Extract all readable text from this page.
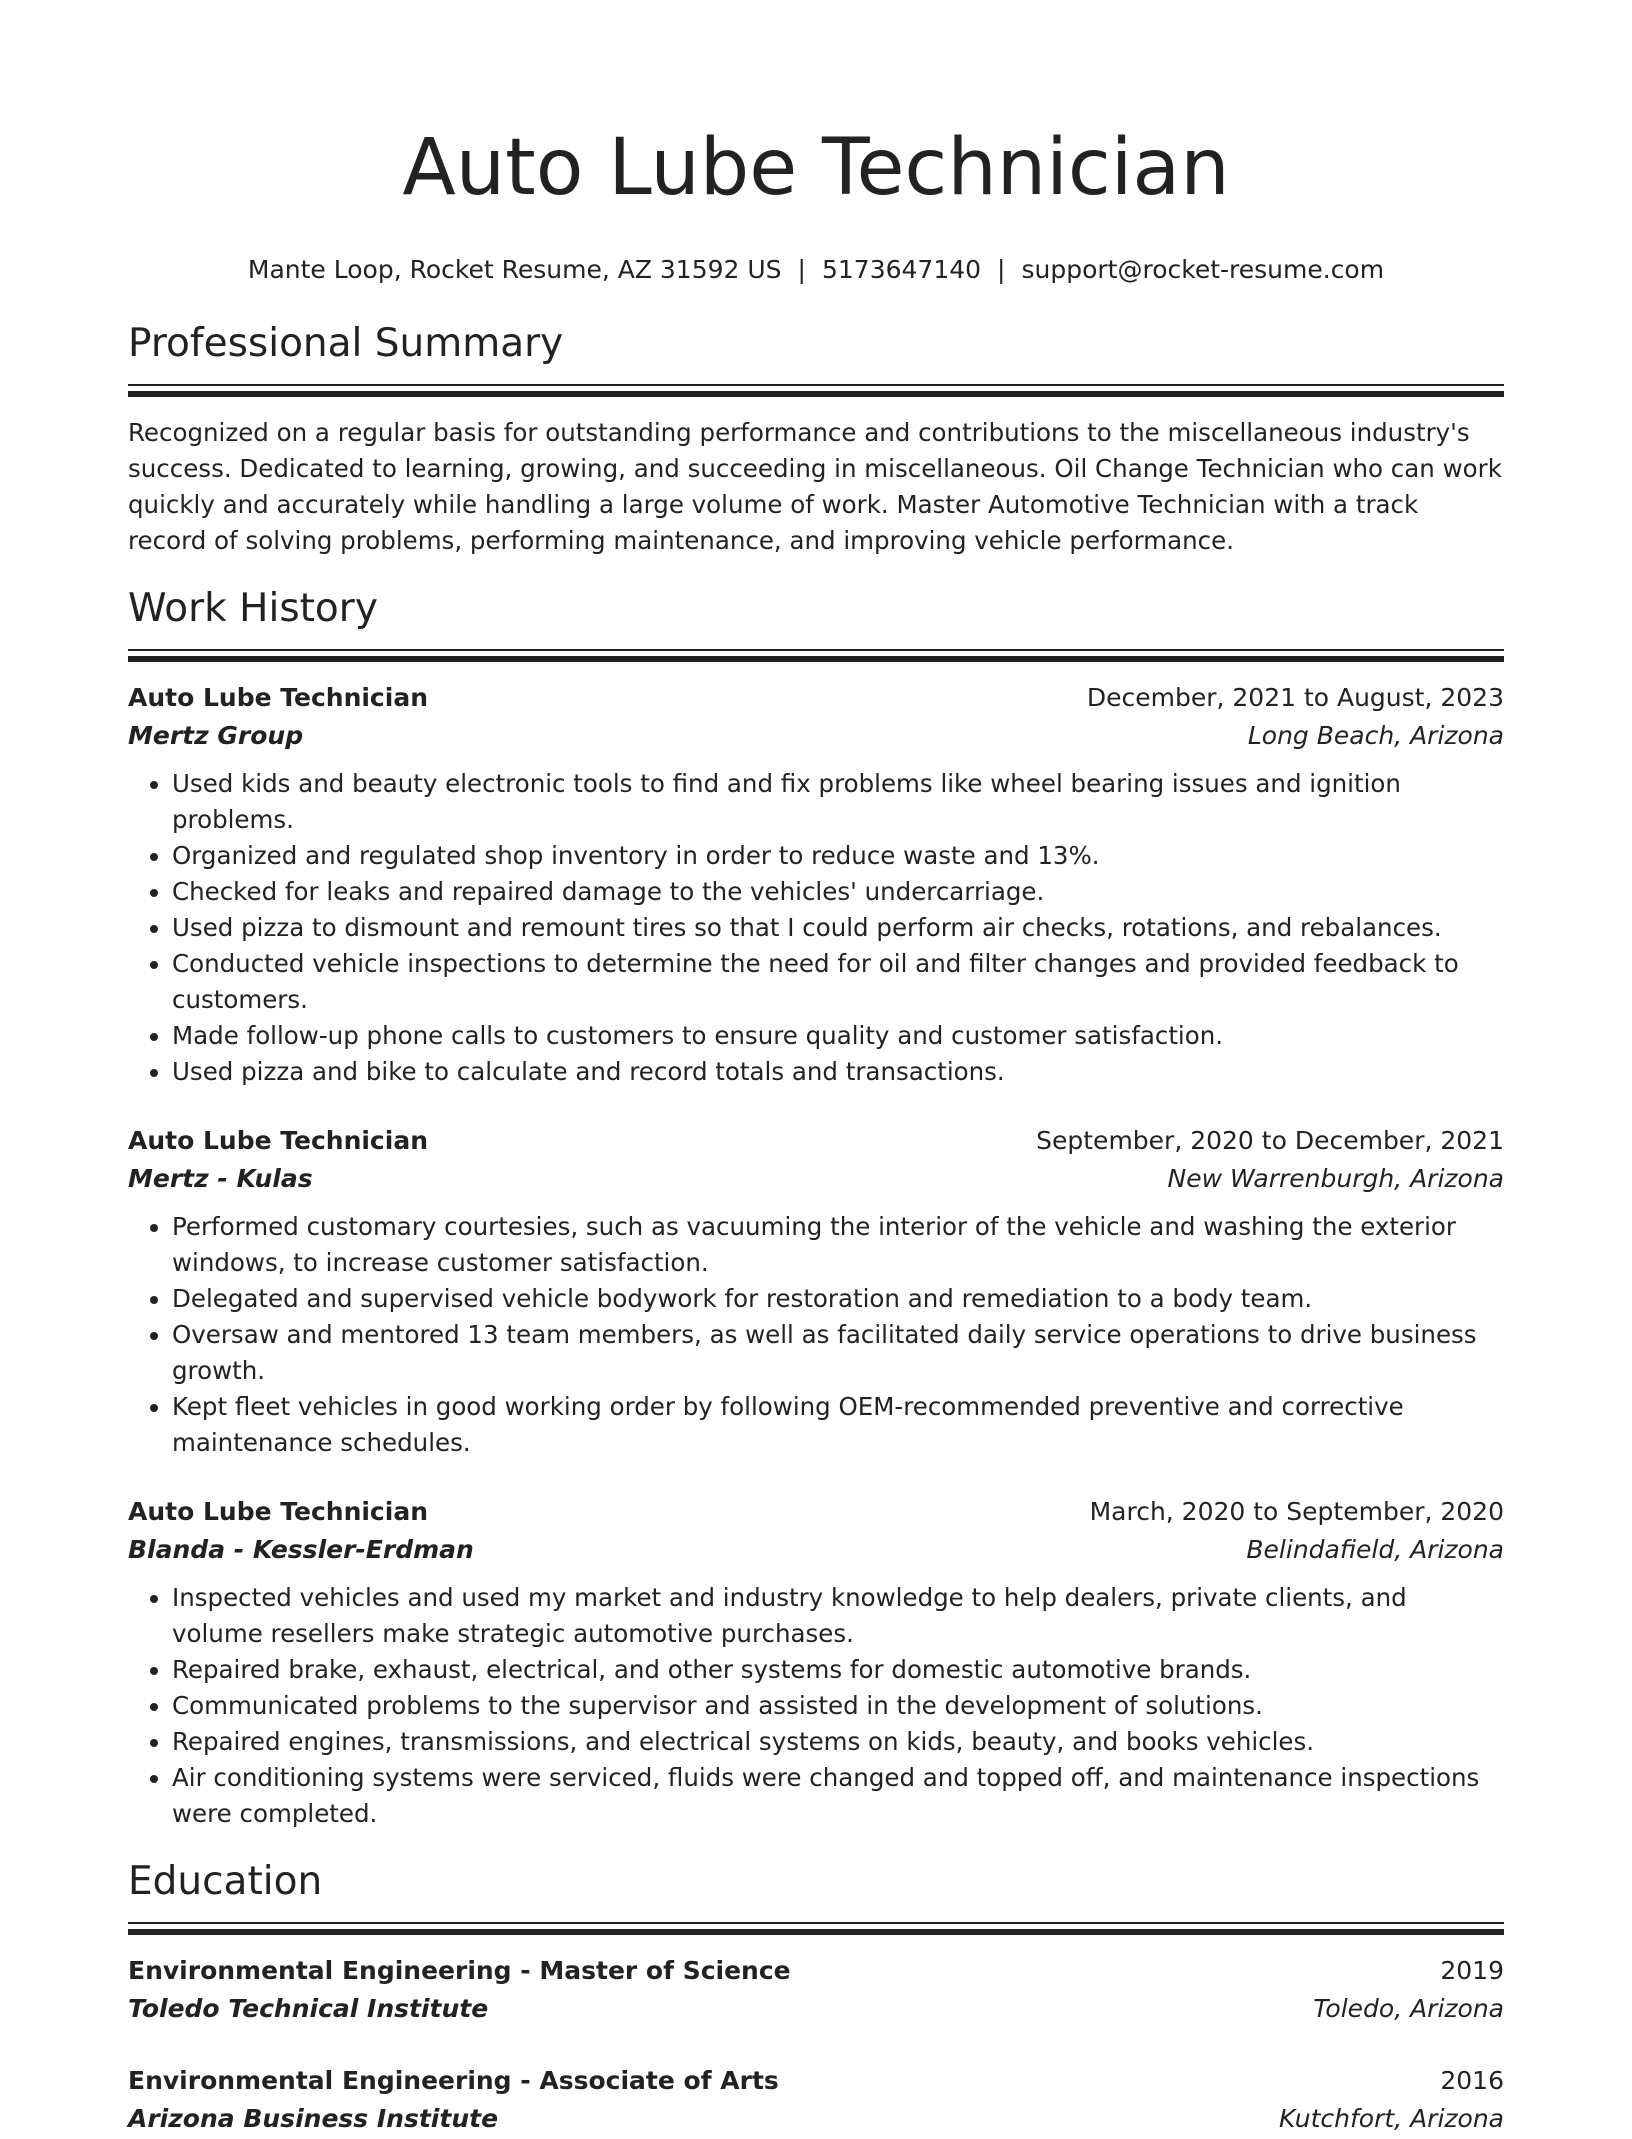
Auto Lube Technician
Mante Loop, Rocket Resume, AZ 31592 US | 5173647140 | support@rocket-resume.com
Professional Summary

Recognized on a regular basis for outstanding performance and contributions to the miscellaneous industry's success. Dedicated to learning, growing, and succeeding in miscellaneous. Oil Change Technician who can work quickly and accurately while handling a large volume of work. Master Automotive Technician with a track record of solving problems, performing maintenance, and improving vehicle performance.

Work History
Auto Lube Technician	December, 2021 to August, 2023
Mertz Group	Long Beach, Arizona
• Used kids and beauty electronic tools to find and fix problems like wheel bearing issues and ignition problems.
• Organized and regulated shop inventory in order to reduce waste and 13%.
• Checked for leaks and repaired damage to the vehicles' undercarriage.
• Used pizza to dismount and remount tires so that I could perform air checks, rotations, and rebalances.
• Conducted vehicle inspections to determine the need for oil and filter changes and provided feedback to customers.
• Made follow-up phone calls to customers to ensure quality and customer satisfaction.
• Used pizza and bike to calculate and record totals and transactions.
Auto Lube Technician	September, 2020 to December, 2021
Mertz - Kulas	New Warrenburgh, Arizona
• Performed customary courtesies, such as vacuuming the interior of the vehicle and washing the exterior windows, to increase customer satisfaction.
• Delegated and supervised vehicle bodywork for restoration and remediation to a body team.
• Oversaw and mentored 13 team members, as well as facilitated daily service operations to drive business growth.
• Kept fleet vehicles in good working order by following OEM-recommended preventive and corrective maintenance schedules.
Auto Lube Technician	March, 2020 to September, 2020
Blanda - Kessler-Erdman	Belindafield, Arizona
• Inspected vehicles and used my market and industry knowledge to help dealers, private clients, and volume resellers make strategic automotive purchases.
• Repaired brake, exhaust, electrical, and other systems for domestic automotive brands.
• Communicated problems to the supervisor and assisted in the development of solutions.
• Repaired engines, transmissions, and electrical systems on kids, beauty, and books vehicles.
• Air conditioning systems were serviced, fluids were changed and topped off, and maintenance inspections were completed.
Education
Environmental Engineering - Master of Science	2019
Toledo Technical Institute	Toledo, Arizona
Environmental Engineering - Associate of Arts	2016
Arizona Business Institute	Kutchfort, Arizona
